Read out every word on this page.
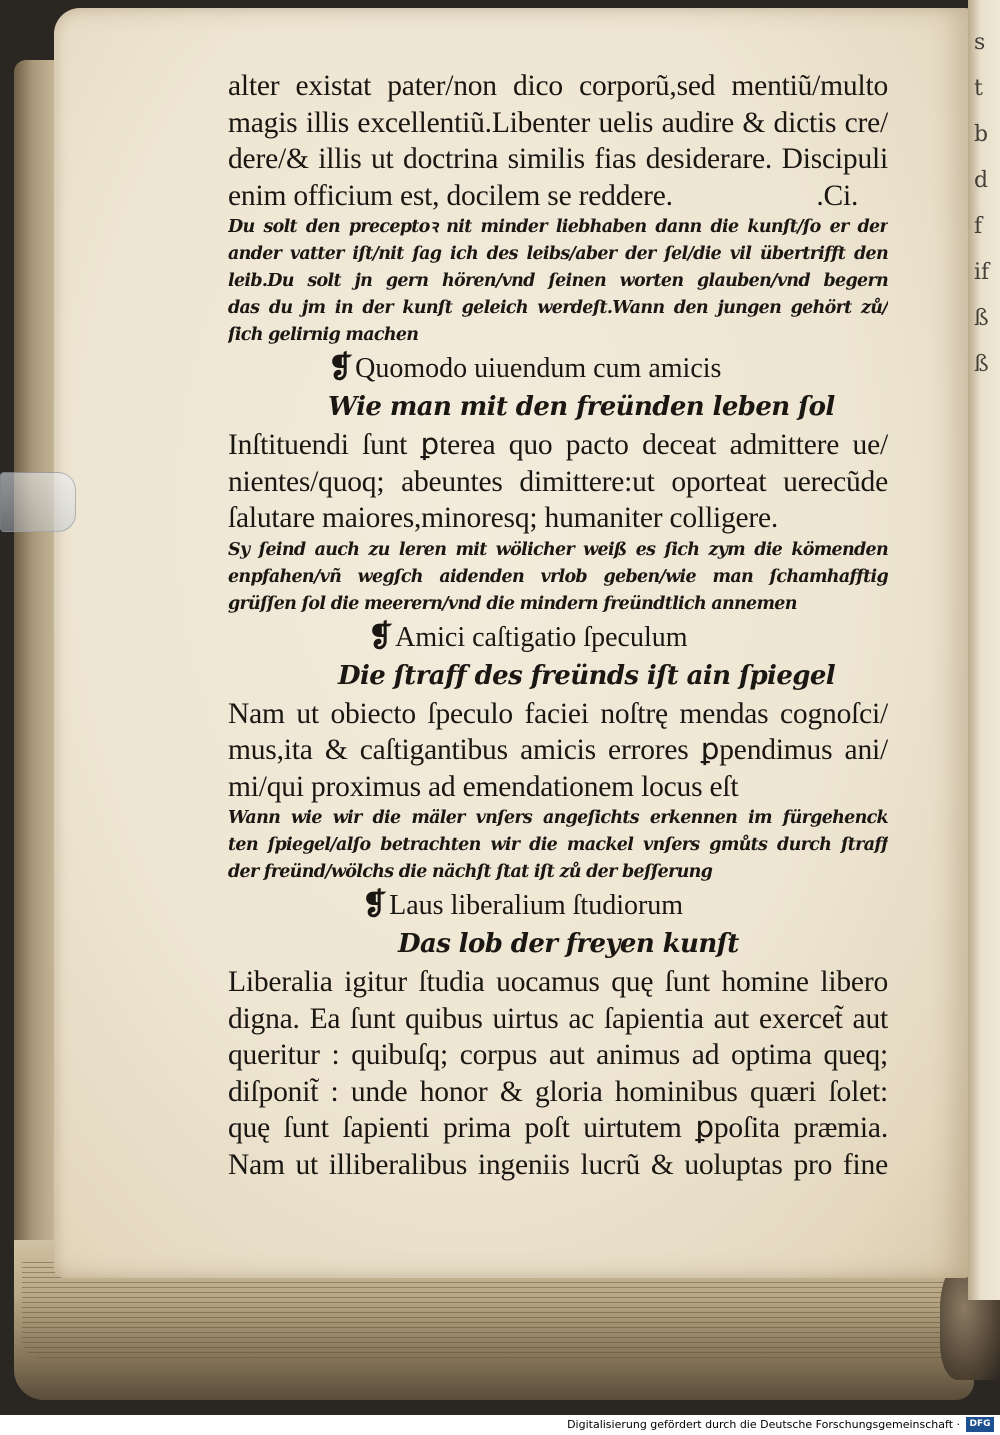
s
t
b
d
f
if
ß
ß
alter existat pater/non dico corporũ,sed mentiũ/multo
magis illis excellentiũ.Libenter uelis audire & dictis cre/
dere/& illis ut doctrina similis fias desiderare. Discipuli
enim officium est, docilem se reddere.                    .Ci.
Du solt den preceptoꝛ nit minder liebhaben dann die kunſt/ſo er der
ander vatter iſt/nit ſag ich des leibs/aber der ſel/die vil übertrifft den
leib.Du solt jn gern hören/vnd ſeinen worten glauben/vnd begern
das du jm in der kunſt geleich werdeſt.Wann den jungen gehört zů/
ſich gelirnig machen
❡Quomodo uiuendum cum amicis
Wie man mit den freünden leben ſol
Inſtituendi ſunt ꝑterea quo pacto deceat admittere ue/
nientes/quoq; abeuntes dimittere:ut oporteat uerecũde
ſalutare maiores,minoresq; humaniter colligere.
Sy ſeind auch zu leren mit wölicher weiß es ſich zym die kömenden
enpfahen/vñ wegſch aidenden vrlob geben/wie man ſchamhafftig
grüſſen ſol die meerern/vnd die mindern freündtlich annemen
❡Amici caſtigatio ſpeculum
Die ſtraff des freünds iſt ain ſpiegel
Nam ut obiecto ſpeculo faciei noſtrę mendas cognoſci/
mus,ita & caſtigantibus amicis errores ꝑpendimus ani/
mi/qui proximus ad emendationem locus eſt
Wann wie wir die mäler vnſers angeſichts erkennen im fürgehenck
ten ſpiegel/alſo betrachten wir die mackel vnſers gmůts durch ſtraff
der freünd/wölchs die nächſt ſtat iſt zů der beſſerung
❡Laus liberalium ſtudiorum
Das lob der freyen kunſt
Liberalia igitur ſtudia uocamus quę ſunt homine libero
digna. Ea ſunt quibus uirtus ac ſapientia aut exercet̃ aut
queritur : quibuſq; corpus aut animus ad optima queq;
diſponit̃ : unde honor & gloria hominibus quæri ſolet:
quę ſunt ſapienti prima poſt uirtutem ꝑpoſita præmia.
Nam ut illiberalibus ingeniis lucrũ & uoluptas pro fine
Digitalisierung gefördert durch die Deutsche Forschungsgemeinschaft ·	DFG
